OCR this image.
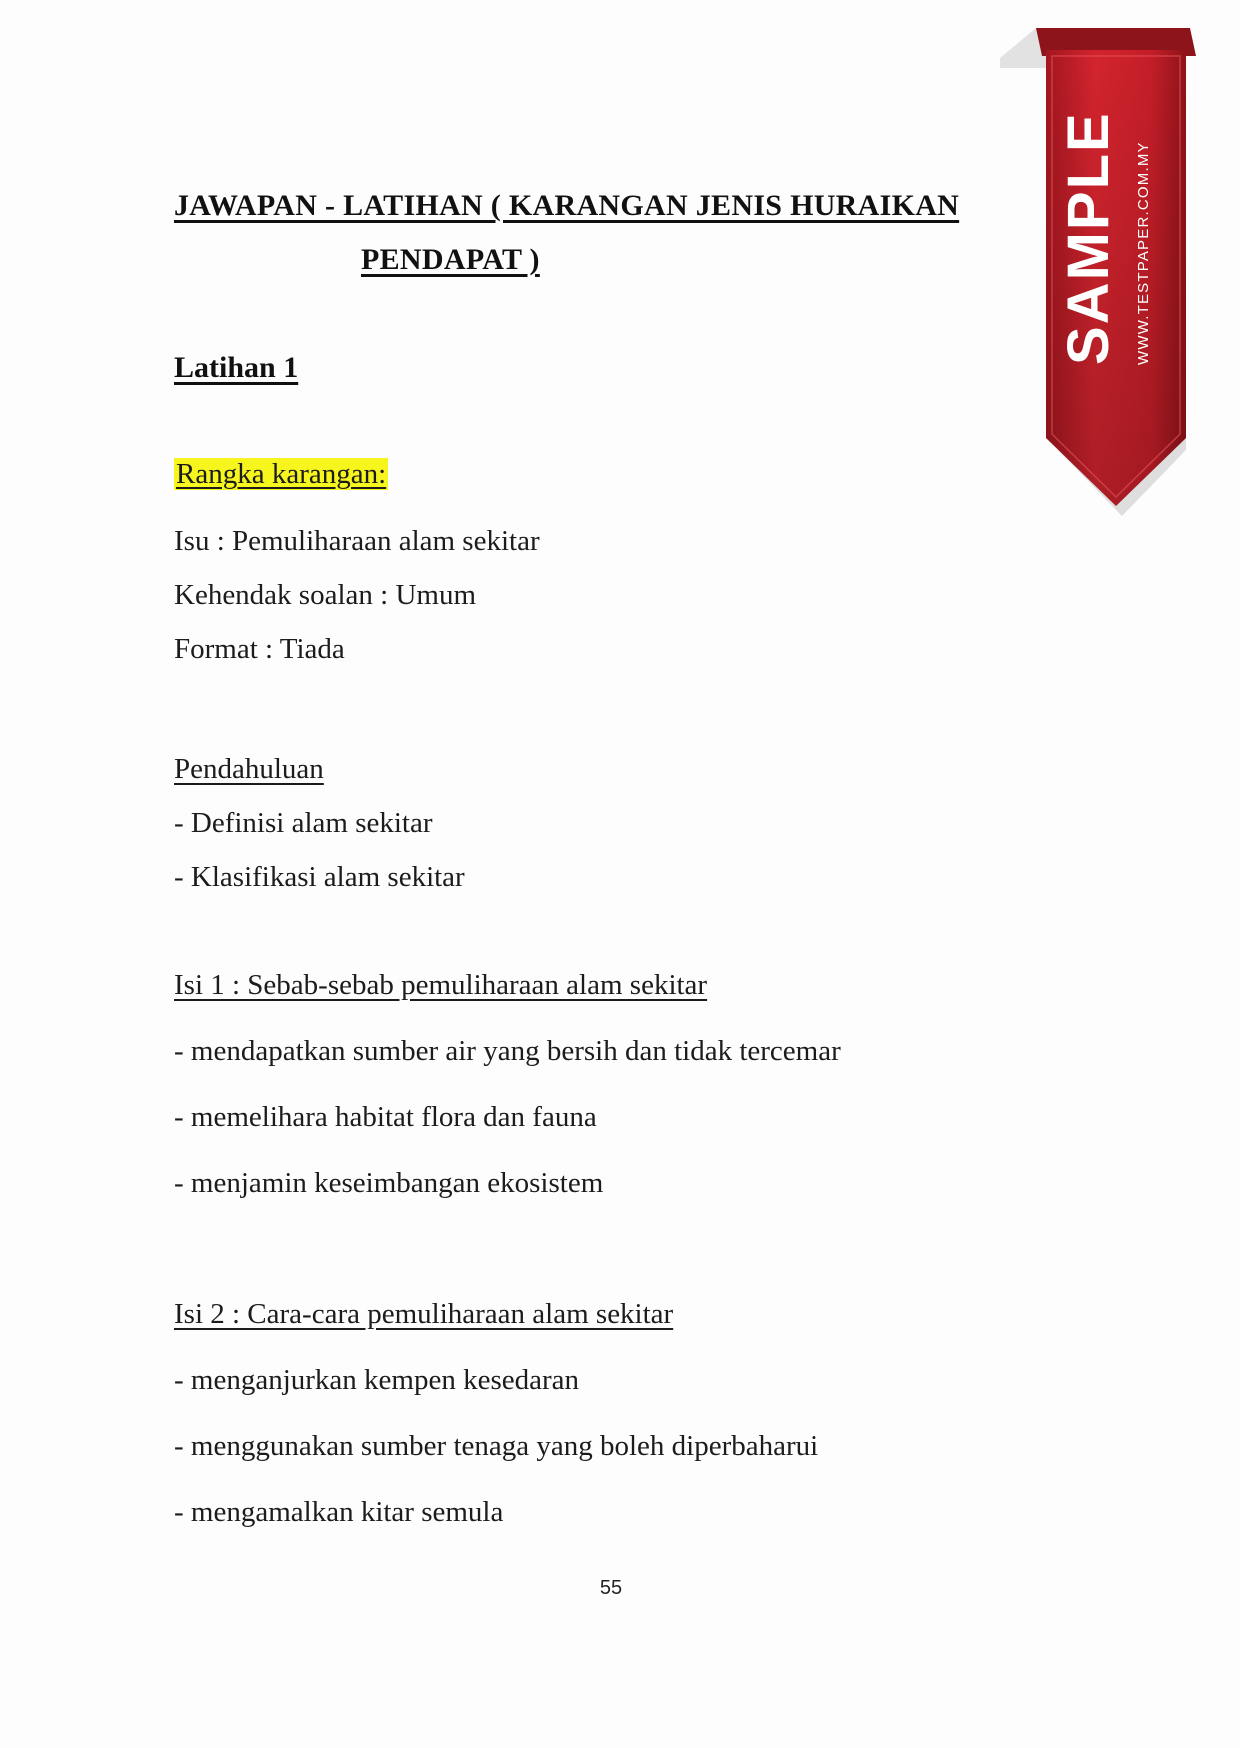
JAWAPAN - LATIHAN ( KARANGAN JENIS HURAIKAN
PENDAPAT )
Latihan 1
Rangka karangan:
Isu : Pemuliharaan alam sekitar
Kehendak soalan : Umum
Format : Tiada
Pendahuluan
- Definisi alam sekitar
- Klasifikasi alam sekitar
Isi 1 : Sebab-sebab pemuliharaan alam sekitar
- mendapatkan sumber air yang bersih dan tidak tercemar
- memelihara habitat flora dan fauna
- menjamin keseimbangan ekosistem
Isi 2 : Cara-cara pemuliharaan alam sekitar
- menganjurkan kempen kesedaran
- menggunakan sumber tenaga yang boleh diperbaharui
- mengamalkan kitar semula
55
SAMPLE WWW.TESTPAPER.COM.MY
